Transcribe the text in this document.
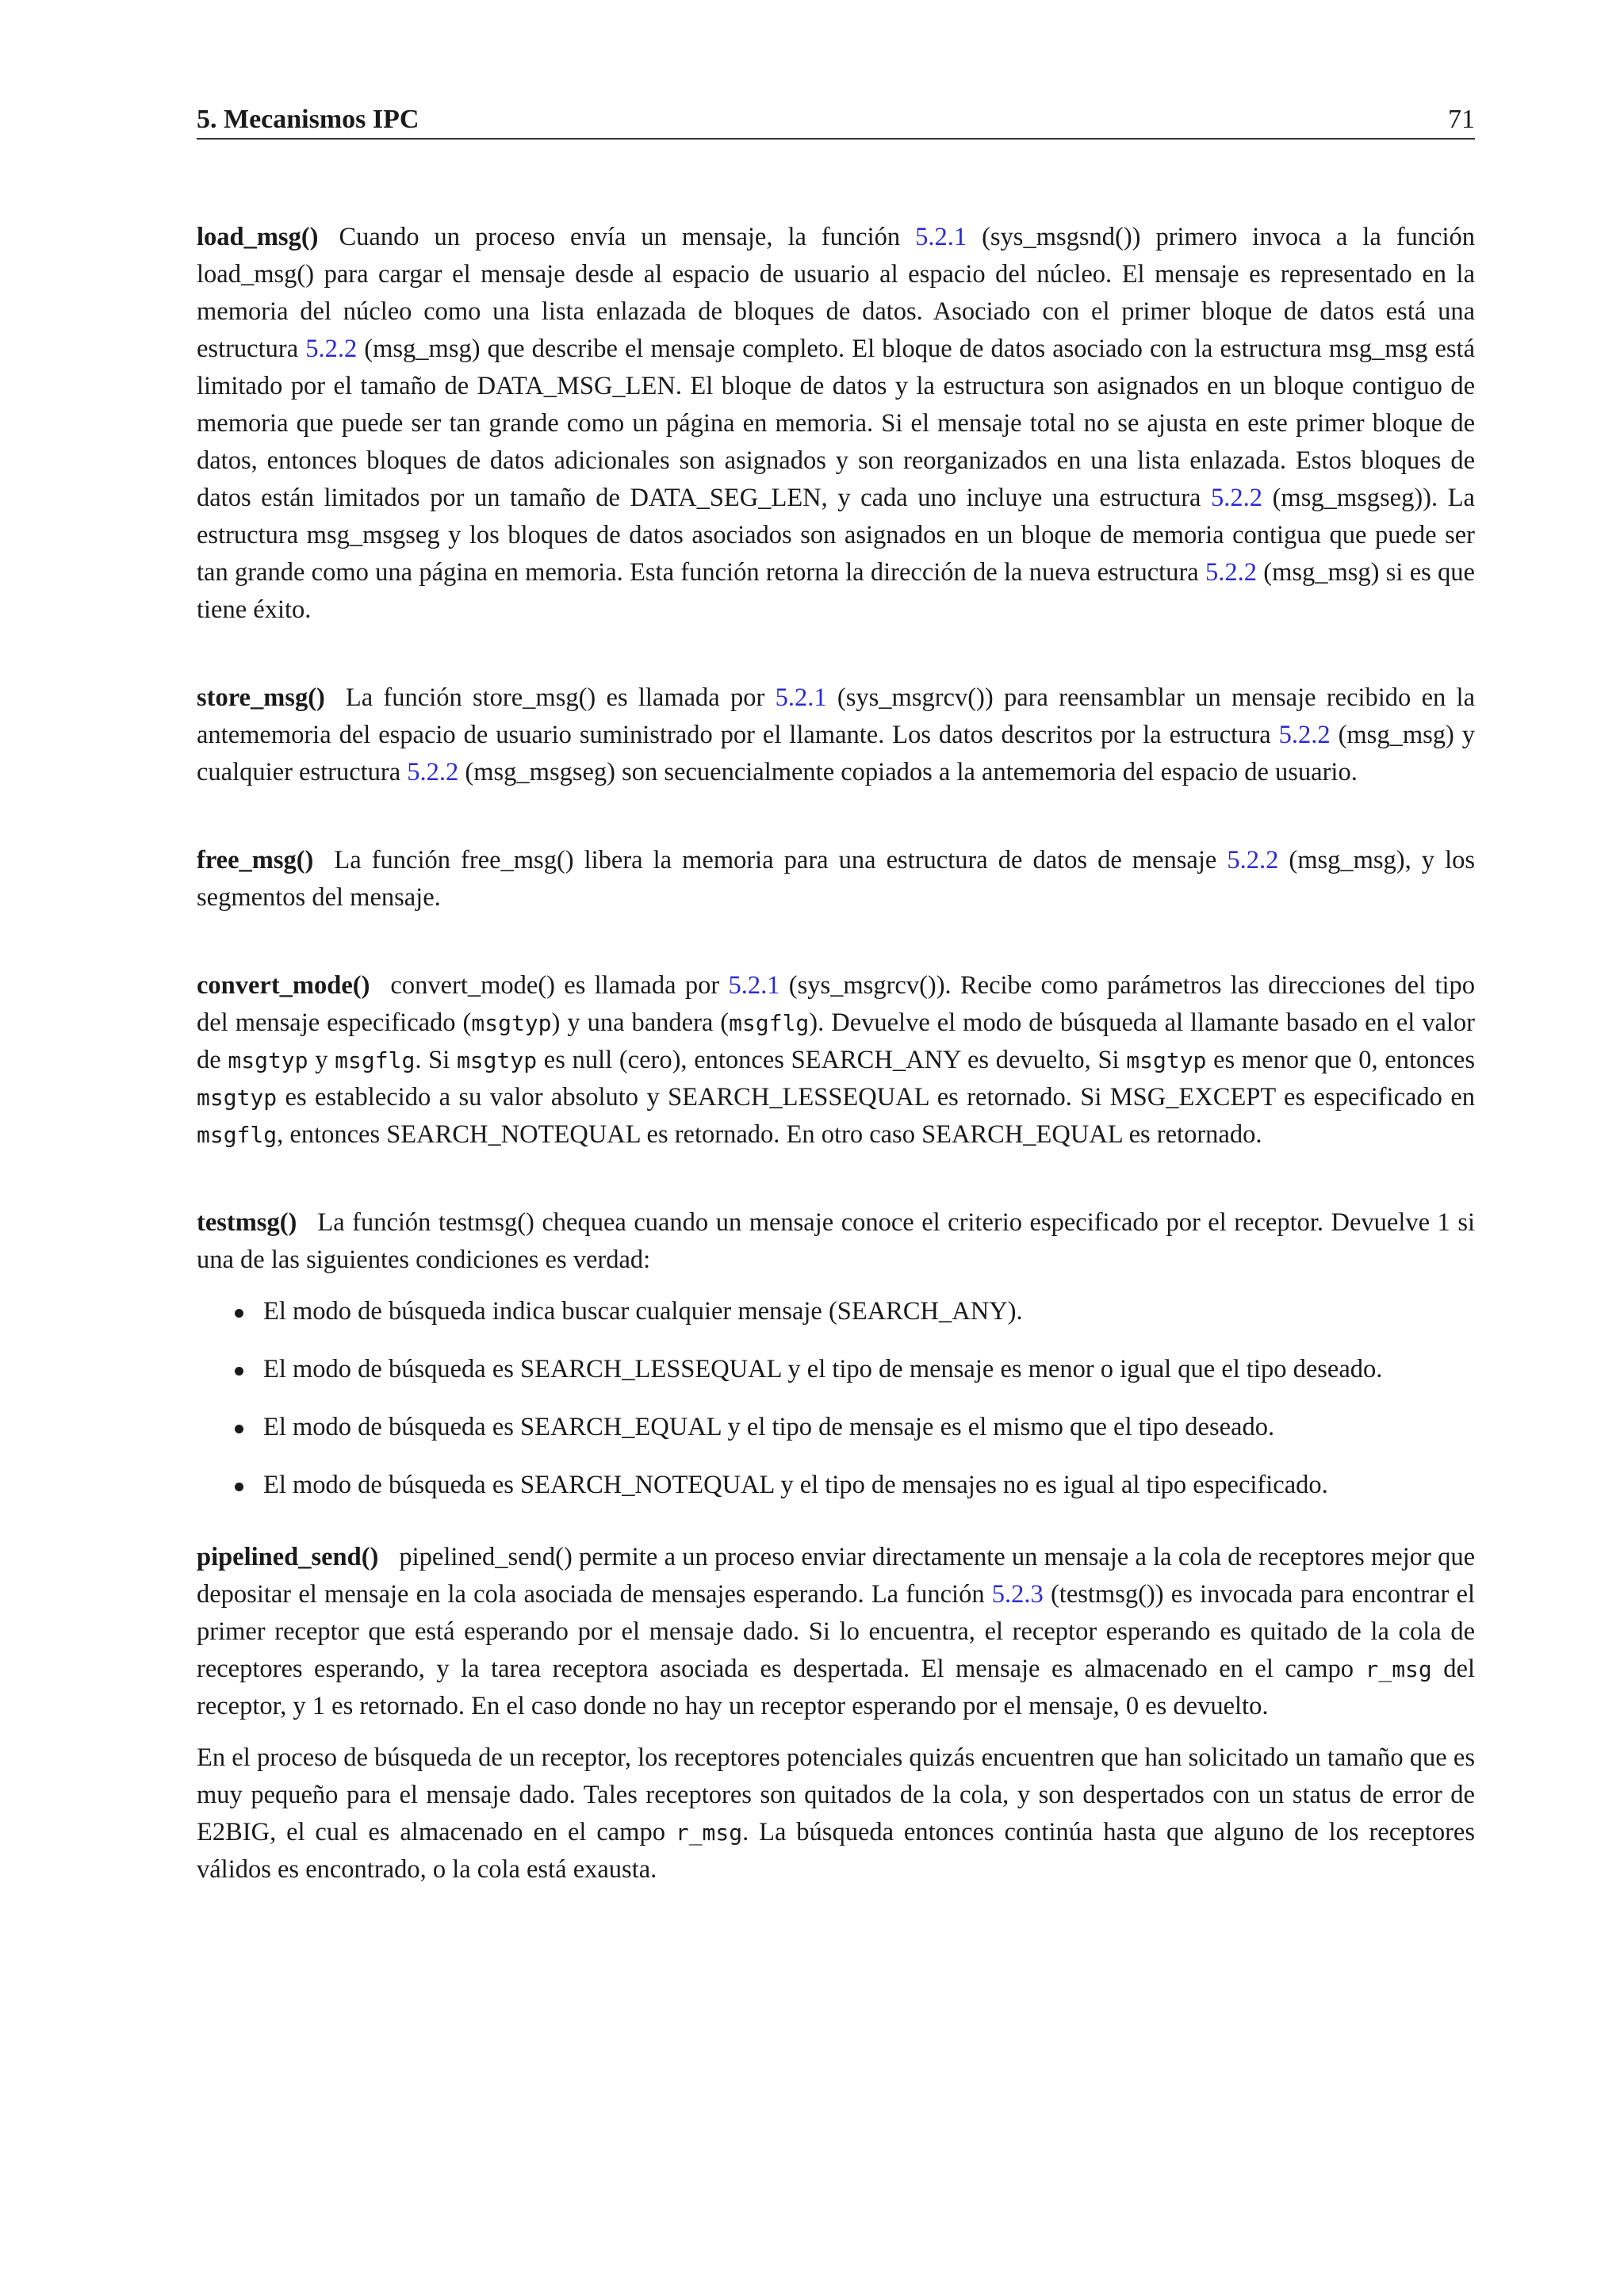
5. Mecanismos IPC	71

load_msg() Cuando un proceso envía un mensaje, la función 5.2.1 (sys_msgsnd()) primero invoca a la función load_msg() para cargar el mensaje desde al espacio de usuario al espacio del núcleo. El mensaje es representado en la memoria del núcleo como una lista enlazada de bloques de datos. Asociado con el primer bloque de datos está una estructura 5.2.2 (msg_msg) que describe el mensaje completo. El bloque de datos asociado con la estructura msg_msg está limitado por el tamaño de DATA_MSG_LEN. El bloque de datos y la estructura son asignados en un bloque contiguo de memoria que puede ser tan grande como un página en memoria. Si el mensaje total no se ajusta en este primer bloque de datos, entonces bloques de datos adicionales son asignados y son reorganizados en una lista enlazada. Estos bloques de datos están limitados por un tamaño de DATA_SEG_LEN, y cada uno incluye una estructura 5.2.2 (msg_msgseg)). La estructura msg_msgseg y los bloques de datos asociados son asignados en un bloque de memoria contigua que puede ser tan grande como una página en memoria. Esta función retorna la dirección de la nueva estructura 5.2.2 (msg_msg) si es que tiene éxito.

store_msg() La función store_msg() es llamada por 5.2.1 (sys_msgrcv()) para reensamblar un mensaje recibido en la antememoria del espacio de usuario suministrado por el llamante. Los datos descritos por la estructura 5.2.2 (msg_msg) y cualquier estructura 5.2.2 (msg_msgseg) son secuencialmente copiados a la antememoria del espacio de usuario.

free_msg() La función free_msg() libera la memoria para una estructura de datos de mensaje 5.2.2 (msg_msg), y los segmentos del mensaje.

convert_mode() convert_mode() es llamada por 5.2.1 (sys_msgrcv()). Recibe como parámetros las direcciones del tipo del mensaje especificado (msgtyp) y una bandera (msgflg). Devuelve el modo de búsqueda al llamante basado en el valor de msgtyp y msgflg. Si msgtyp es null (cero), entonces SEARCH_ANY es devuelto, Si msgtyp es menor que 0, entonces msgtyp es establecido a su valor absoluto y SEARCH_LESSEQUAL es retornado. Si MSG_EXCEPT es especificado en msgflg, entonces SEARCH_NOTEQUAL es retornado. En otro caso SEARCH_EQUAL es retornado.

testmsg() La función testmsg() chequea cuando un mensaje conoce el criterio especificado por el receptor. Devuelve 1 si una de las siguientes condiciones es verdad:

El modo de búsqueda indica buscar cualquier mensaje (SEARCH_ANY).
El modo de búsqueda es SEARCH_LESSEQUAL y el tipo de mensaje es menor o igual que el tipo deseado.
El modo de búsqueda es SEARCH_EQUAL y el tipo de mensaje es el mismo que el tipo deseado.
El modo de búsqueda es SEARCH_NOTEQUAL y el tipo de mensajes no es igual al tipo especificado.

pipelined_send() pipelined_send() permite a un proceso enviar directamente un mensaje a la cola de receptores mejor que depositar el mensaje en la cola asociada de mensajes esperando. La función 5.2.3 (testmsg()) es invocada para encontrar el primer receptor que está esperando por el mensaje dado. Si lo encuentra, el receptor esperando es quitado de la cola de receptores esperando, y la tarea receptora asociada es despertada. El mensaje es almacenado en el campo r_msg del receptor, y 1 es retornado. En el caso donde no hay un receptor esperando por el mensaje, 0 es devuelto.

En el proceso de búsqueda de un receptor, los receptores potenciales quizás encuentren que han solicitado un tamaño que es muy pequeño para el mensaje dado. Tales receptores son quitados de la cola, y son despertados con un status de error de E2BIG, el cual es almacenado en el campo r_msg. La búsqueda entonces continúa hasta que alguno de los receptores válidos es encontrado, o la cola está exausta.
